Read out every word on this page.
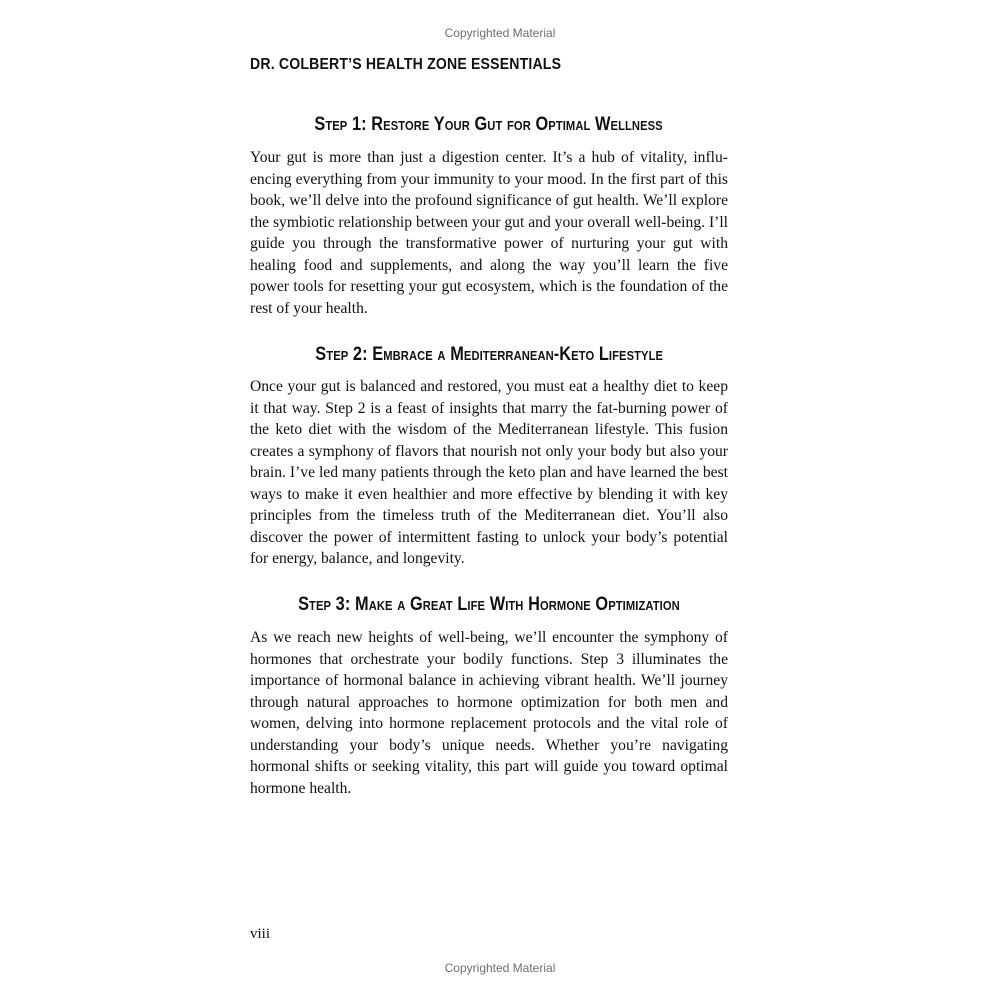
Copyrighted Material
DR. COLBERT’S HEALTH ZONE ESSENTIALS
Step 1: Restore Your Gut for Optimal Wellness
Your gut is more than just a digestion center. It’s a hub of vitality, influencing everything from your immunity to your mood. In the first part of this book, we’ll delve into the profound significance of gut health. We’ll explore the symbiotic relationship between your gut and your overall well-being. I’ll guide you through the transformative power of nurturing your gut with healing food and supplements, and along the way you’ll learn the five power tools for resetting your gut ecosystem, which is the foundation of the rest of your health.
Step 2: Embrace a Mediterranean-Keto Lifestyle
Once your gut is balanced and restored, you must eat a healthy diet to keep it that way. Step 2 is a feast of insights that marry the fat-burning power of the keto diet with the wisdom of the Mediterranean lifestyle. This fusion creates a symphony of flavors that nourish not only your body but also your brain. I’ve led many patients through the keto plan and have learned the best ways to make it even healthier and more effective by blending it with key principles from the timeless truth of the Mediterranean diet. You’ll also discover the power of intermittent fasting to unlock your body’s potential for energy, balance, and longevity.
Step 3: Make a Great Life With Hormone Optimization
As we reach new heights of well-being, we’ll encounter the symphony of hormones that orchestrate your bodily functions. Step 3 illuminates the importance of hormonal balance in achieving vibrant health. We’ll journey through natural approaches to hormone optimization for both men and women, delving into hormone replacement protocols and the vital role of understanding your body’s unique needs. Whether you’re navigating hormonal shifts or seeking vitality, this part will guide you toward optimal hormone health.
viii
Copyrighted Material
